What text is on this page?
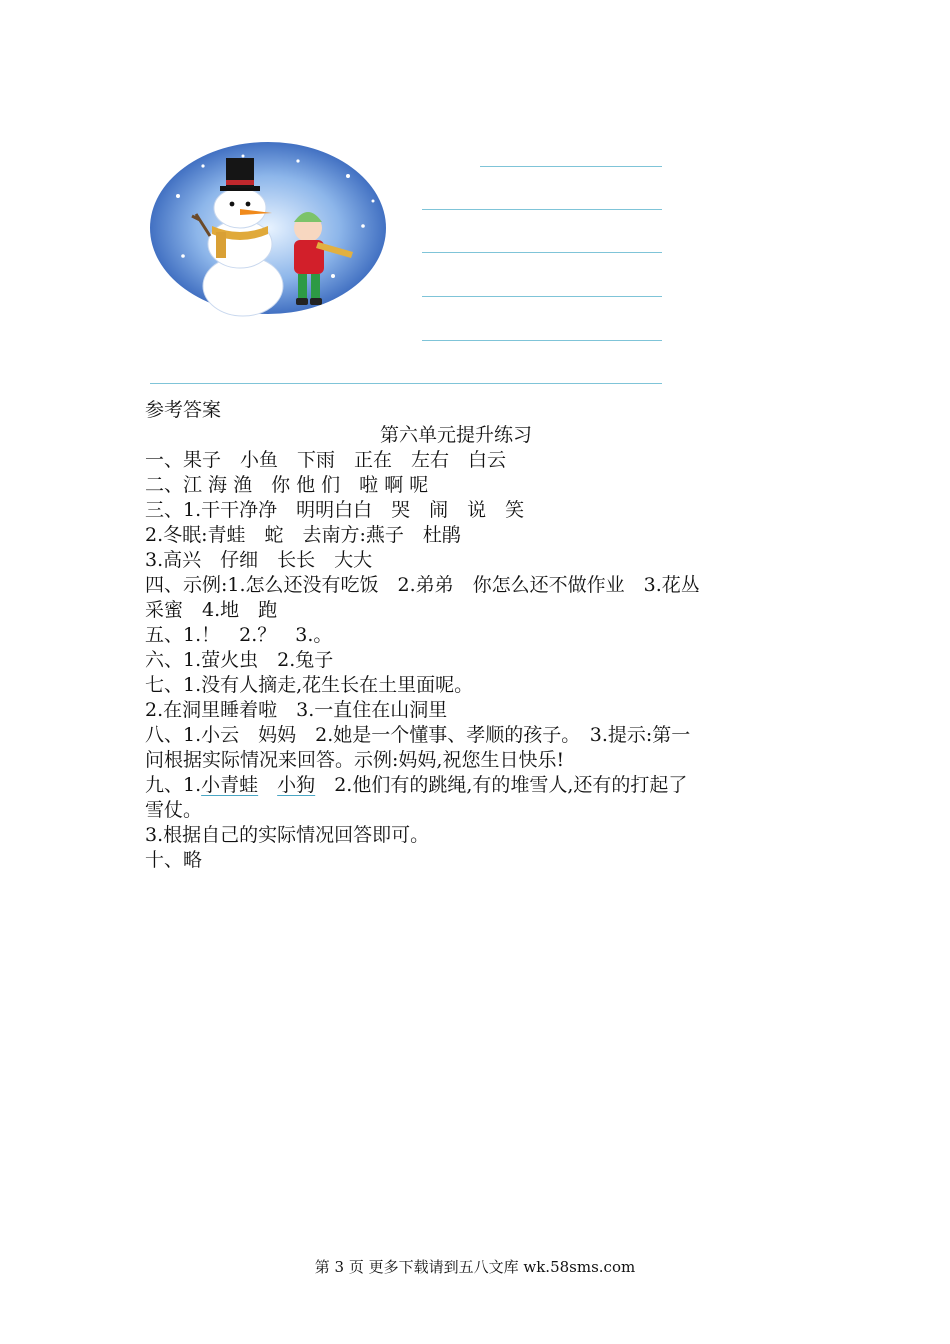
参考答案
第六单元提升练习
一、果子　小鱼　下雨　正在　左右　白云
二、江 海 渔　你 他 们　啦 啊 呢
三、1.干干净净　明明白白　哭　闹　说　笑
2.冬眠:青蛙　蛇　去南方:燕子　杜鹃
3.高兴　仔细　长长　大大
四、示例:1.怎么还没有吃饭　2.弟弟　你怎么还不做作业　3.花丛
采蜜　4.地　跑
五、1.！　2.？　3.。
六、1.萤火虫　2.兔子
七、1.没有人摘走,花生长在土里面呢。
2.在洞里睡着啦　3.一直住在山洞里
八、1.小云　妈妈　2.她是一个懂事、孝顺的孩子。　3.提示:第一
问根据实际情况来回答。示例:妈妈,祝您生日快乐!
九、1.小青蛙　 小狗　2.他们有的跳绳,有的堆雪人,还有的打起了
雪仗。
3.根据自己的实际情况回答即可。
十、略
第 3 页 更多下载请到五八文库 wk.58sms.com
